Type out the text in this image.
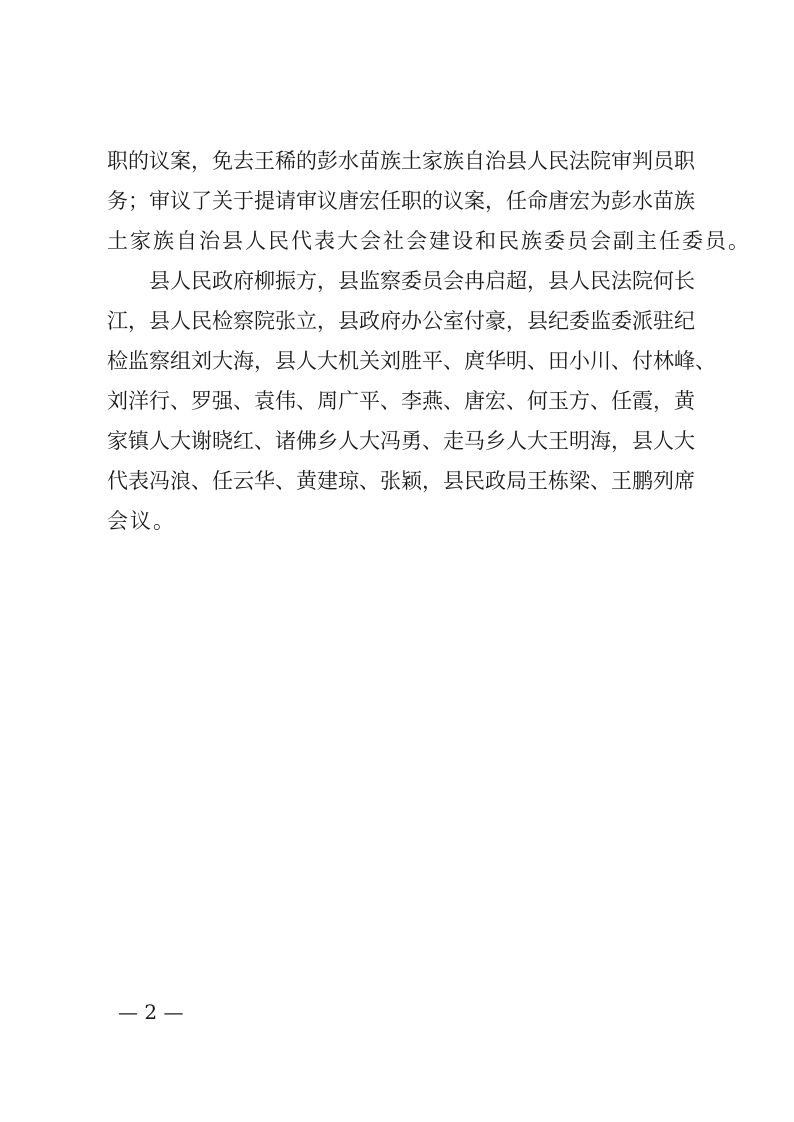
职的议案，免去王稀的彭水苗族土家族自治县人民法院审判员职
务；审议了关于提请审议唐宏任职的议案，任命唐宏为彭水苗族
土家族自治县人民代表大会社会建设和民族委员会副主任委员。
县人民政府柳振方，县监察委员会冉启超，县人民法院何长
江，县人民检察院张立，县政府办公室付豪，县纪委监委派驻纪
检监察组刘大海，县人大机关刘胜平、庹华明、田小川、付林峰、
刘洋行、罗强、袁伟、周广平、李燕、唐宏、何玉方、任霞，黄
家镇人大谢晓红、诸佛乡人大冯勇、走马乡人大王明海，县人大
代表冯浪、任云华、黄建琼、张颖，县民政局王栋梁、王鹏列席
会议。
— 2 —
